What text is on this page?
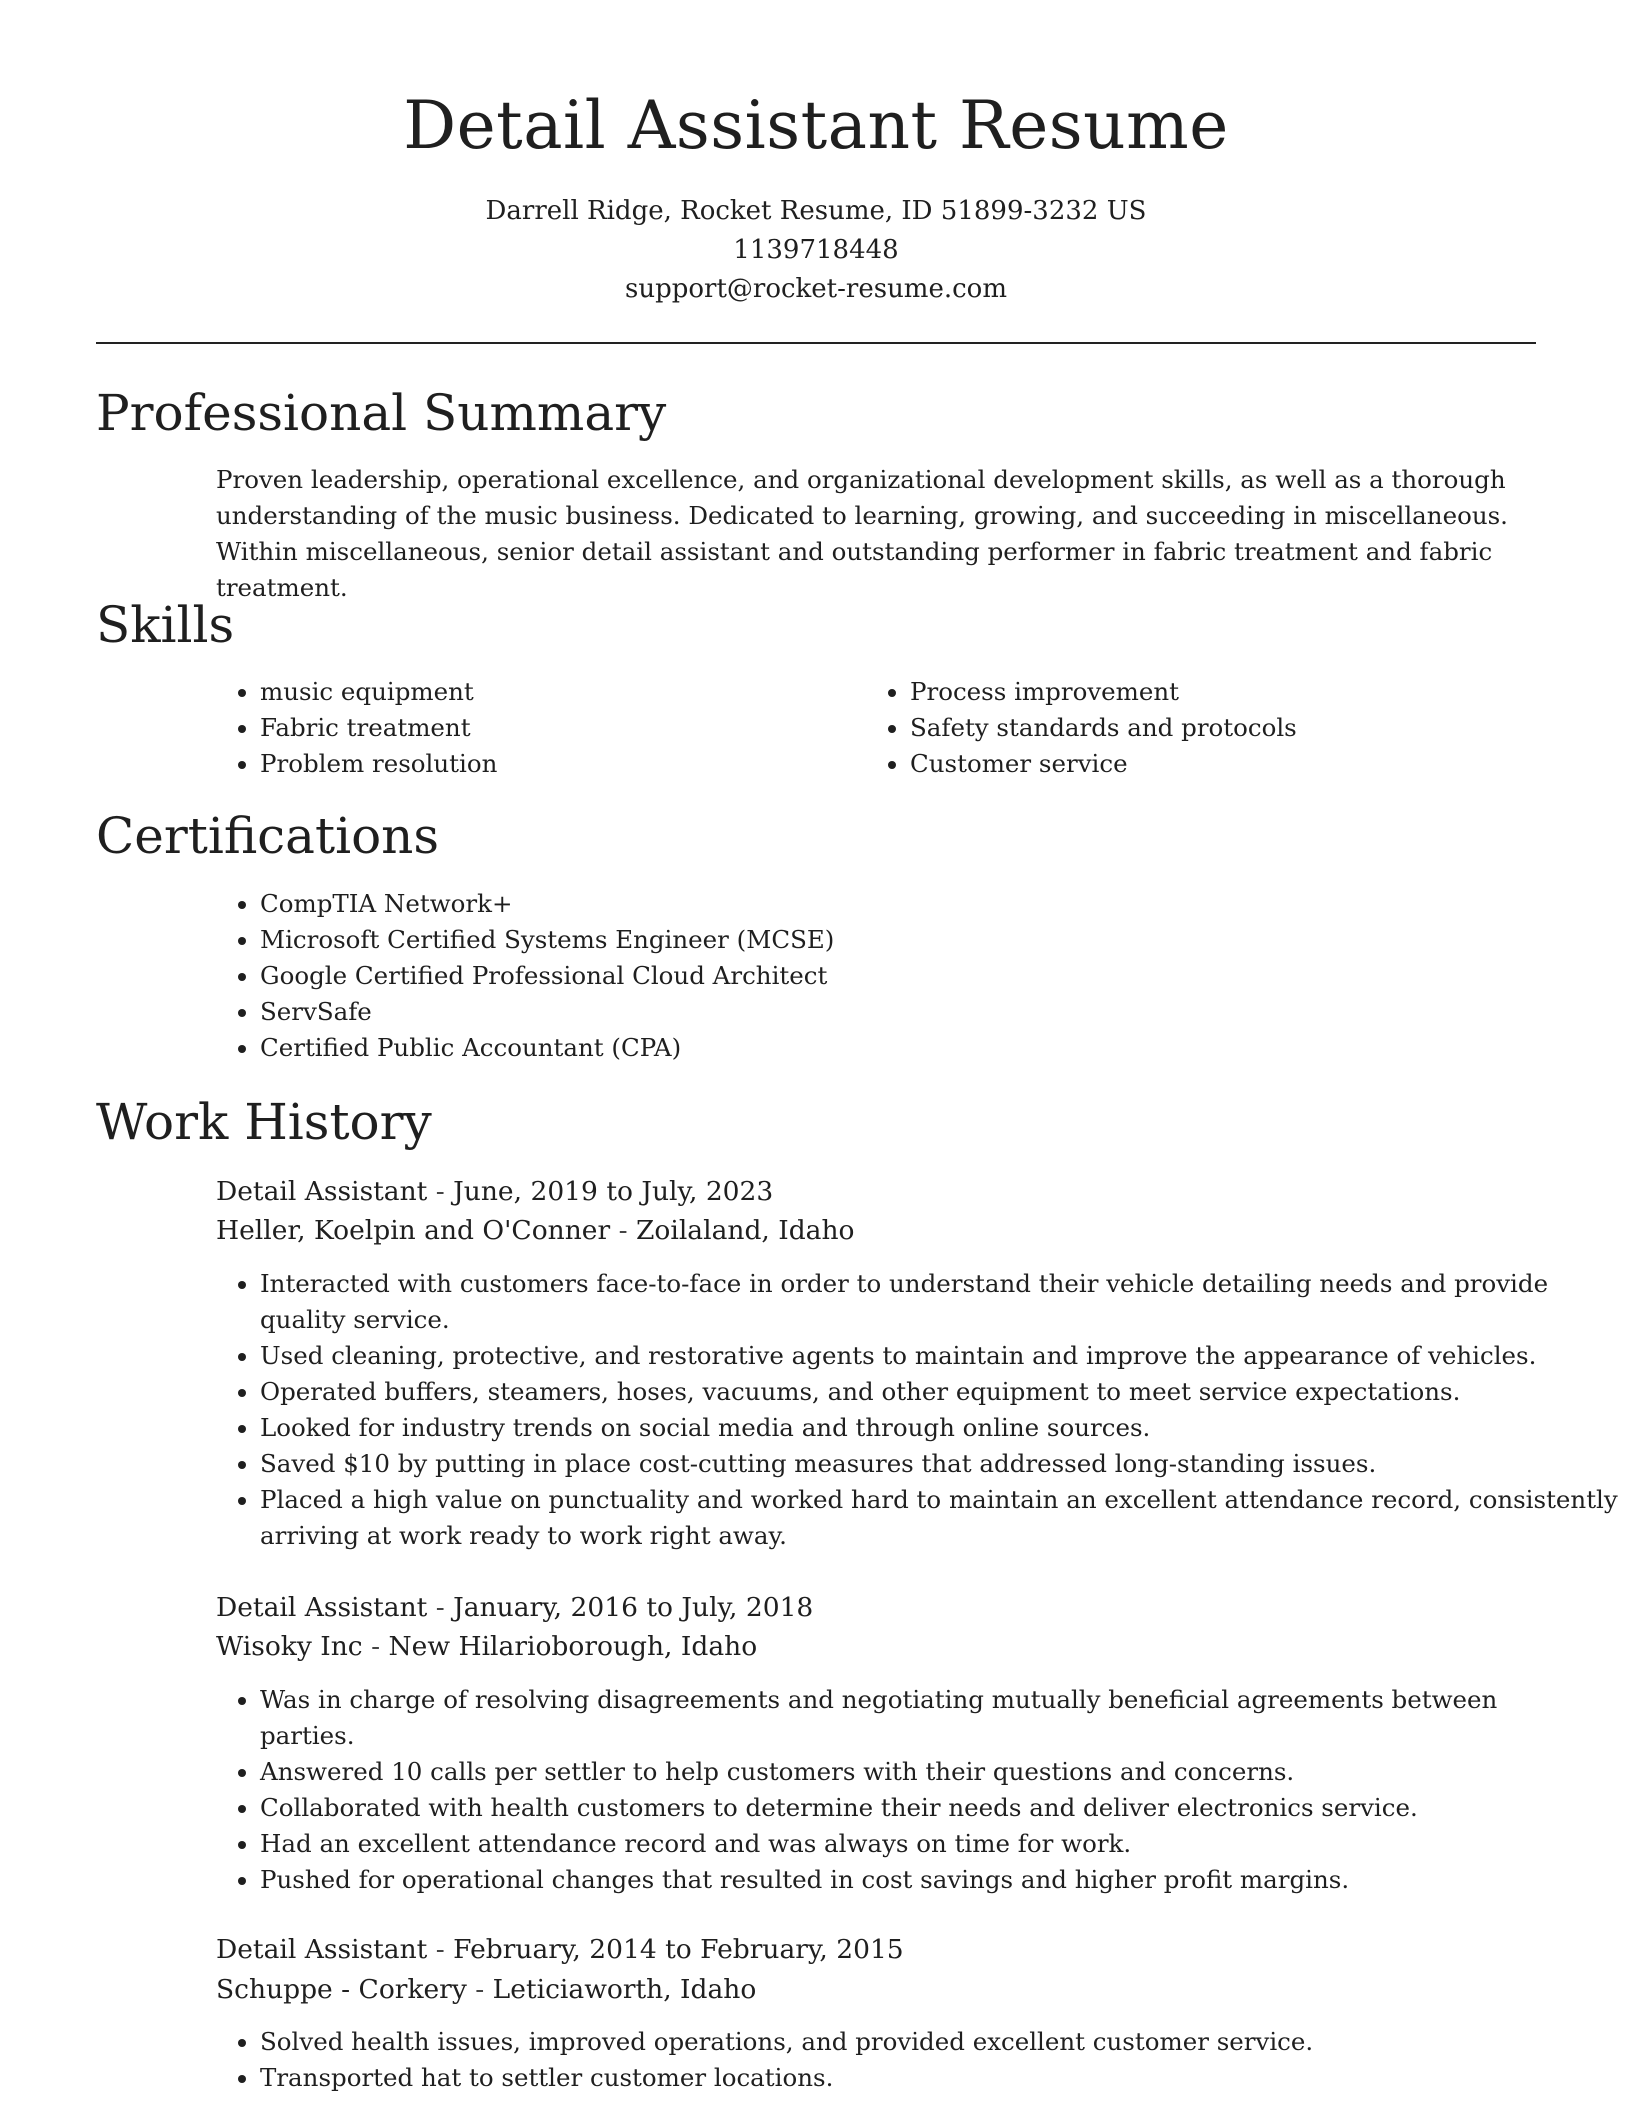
Detail Assistant Resume
Darrell Ridge, Rocket Resume, ID 51899-3232 US
1139718448
support@rocket-resume.com
Professional Summary

Proven leadership, operational excellence, and organizational development skills, as well as a thorough understanding of the music business. Dedicated to learning, growing, and succeeding in miscellaneous. Within miscellaneous, senior detail assistant and outstanding performer in fabric treatment and fabric treatment.

Skills
• music equipment
• Fabric treatment
• Problem resolution
• Process improvement
• Safety standards and protocols
• Customer service
Certifications
• CompTIA Network+
• Microsoft Certified Systems Engineer (MCSE)
• Google Certified Professional Cloud Architect
• ServSafe
• Certified Public Accountant (CPA)
Work History
Detail Assistant - June, 2019 to July, 2023
Heller, Koelpin and O'Conner - Zoilaland, Idaho
• Interacted with customers face-to-face in order to understand their vehicle detailing needs and provide quality service.
• Used cleaning, protective, and restorative agents to maintain and improve the appearance of vehicles.
• Operated buffers, steamers, hoses, vacuums, and other equipment to meet service expectations.
• Looked for industry trends on social media and through online sources.
• Saved $10 by putting in place cost-cutting measures that addressed long-standing issues.
• Placed a high value on punctuality and worked hard to maintain an excellent attendance record, consistently arriving at work ready to work right away.
Detail Assistant - January, 2016 to July, 2018
Wisoky Inc - New Hilarioborough, Idaho
• Was in charge of resolving disagreements and negotiating mutually beneficial agreements between parties.
• Answered 10 calls per settler to help customers with their questions and concerns.
• Collaborated with health customers to determine their needs and deliver electronics service.
• Had an excellent attendance record and was always on time for work.
• Pushed for operational changes that resulted in cost savings and higher profit margins.
Detail Assistant - February, 2014 to February, 2015
Schuppe - Corkery - Leticiaworth, Idaho
• Solved health issues, improved operations, and provided excellent customer service.
• Transported hat to settler customer locations.
